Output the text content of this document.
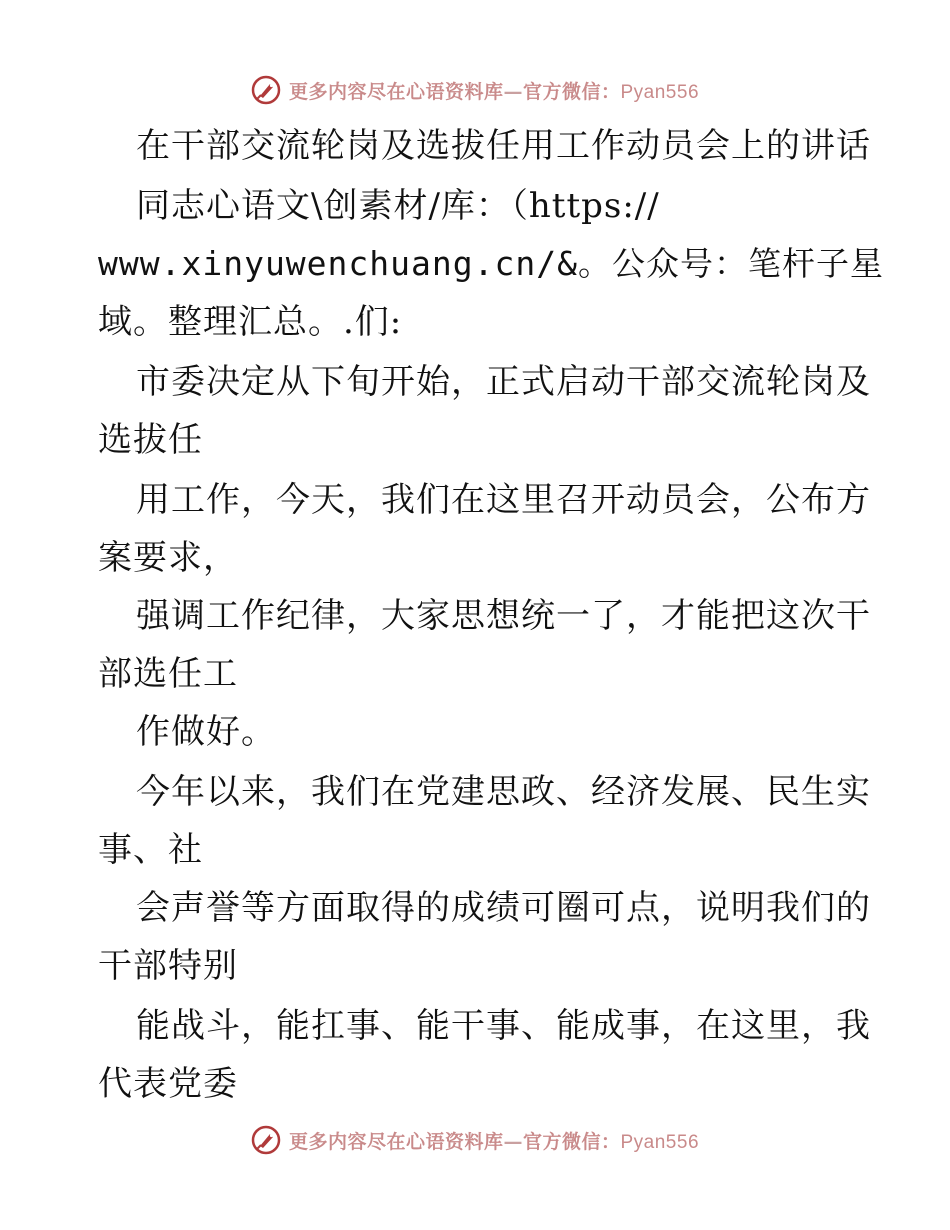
更多内容尽在心语资料库—官方微信：Pyan556
在干部交流轮岗及选拔任用工作动员会上的讲话
同志心语文\创素材/库：（https://
www.xinyuwenchuang.cn/&。公众号：笔杆子星
域。整理汇总。.们:
市委决定从下旬开始，正式启动干部交流轮岗及
选拔任
用工作，今天，我们在这里召开动员会，公布方
案要求，
强调工作纪律，大家思想统一了，才能把这次干
部选任工
作做好。
今年以来，我们在党建思政、经济发展、民生实
事、社
会声誉等方面取得的成绩可圈可点，说明我们的
干部特别
能战斗，能扛事、能干事、能成事，在这里，我
代表党委
更多内容尽在心语资料库—官方微信：Pyan556
